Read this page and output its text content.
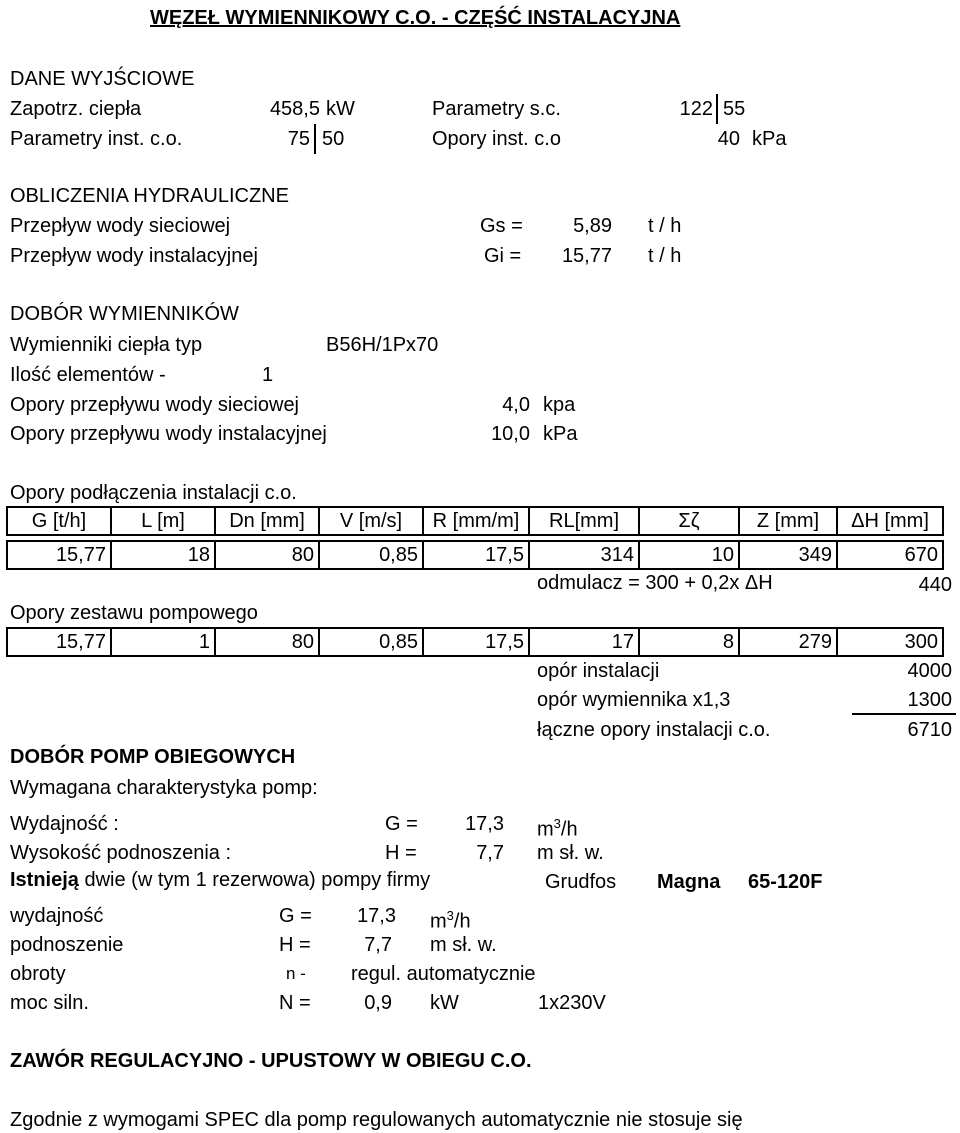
WĘZEŁ WYMIENNIKOWY C.O. - CZĘŚĆ INSTALACYJNA
DANE WYJŚCIOWE
Zapotrz. ciepła	458,5 kW	Parametry s.c.	122 55
Parametry inst. c.o.	75 50	Opory inst. c.o	40 kPa
OBLICZENIA HYDRAULICZNE
Przepływ wody sieciowej	Gs =	5,89 t / h
Przepływ wody instalacyjnej	Gi =	15,77 t / h
DOBÓR WYMIENNIKÓW
Wymienniki ciepła typ	B56H/1Px70
Ilość elementów -	1
Opory przepływu wody sieciowej	4,0 kpa
Opory przepływu wody instalacyjnej	10,0 kPa
Opory podłączenia instalacji c.o.
G [t/h]	L [m]	Dn [mm]	V [m/s]	R [mm/m]	RL[mm]	Σζ	Z [mm]	ΔH [mm]
15,77	18	80	0,85	17,5	314	10	349	670
odmulacz = 300 + 0,2x ΔH	440
Opory zestawu pompowego
15,77	1	80	0,85	17,5	17	8	279	300
opór instalacji	4000
opór wymiennika x1,3	1300
łączne opory instalacji c.o.	6710
DOBÓR POMP OBIEGOWYCH
Wymagana charakterystyka pomp:
Wydajność :	G =	17,3 $m^3/h$
Wysokość podnoszenia :	H =	7,7 m sł. w.
Istnieją dwie (w tym 1 rezerwowa) pompy firmy	Grudfos Magna 65-120F
wydajność	G =	17,3 $m^3/h$
podnoszenie	H =	7,7 m sł. w.
obroty	n - regul. automatycznie
moc siln.	N =	0,9 kW	1x230V
ZAWÓR REGULACYJNO - UPUSTOWY W OBIEGU C.O.
Zgodnie z wymogami SPEC dla pomp regulowanych automatycznie nie stosuje się
